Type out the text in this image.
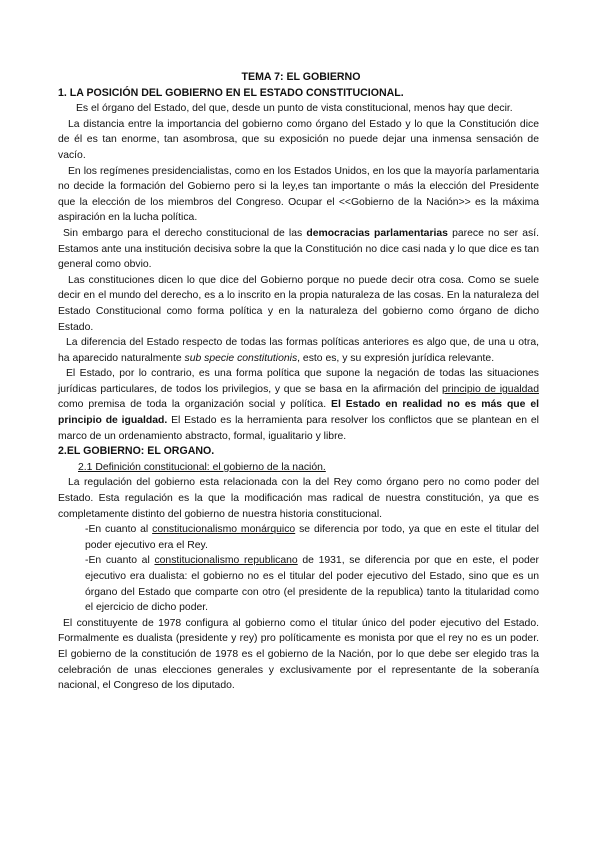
TEMA 7: EL GOBIERNO

1. LA POSICIÓN DEL GOBIERNO EN EL ESTADO CONSTITUCIONAL.

Es el órgano del Estado, del que, desde un punto de vista constitucional, menos hay que decir.

La distancia entre la importancia del gobierno como órgano del Estado y lo que la Constitución dice de él es tan enorme, tan asombrosa, que su exposición no puede dejar una inmensa sensación de vacío.

En los regímenes presidencialistas, como en los Estados Unidos, en los que la mayoría parlamentaria no decide la formación del Gobierno pero si la ley,es tan importante o más la elección del Presidente que la elección de los miembros del Congreso. Ocupar el <<Gobierno de la Nación>> es la máxima aspiración en la lucha política.

Sin embargo para el derecho constitucional de las democracias parlamentarias parece no ser así. Estamos ante una institución decisiva sobre la que la Constitución no dice casi nada y lo que dice es tan general como obvio.

Las constituciones dicen lo que dice del Gobierno porque no puede decir otra cosa. Como se suele decir en el mundo del derecho, es a lo inscrito en la propia naturaleza de las cosas. En la naturaleza del Estado Constitucional como forma política y en la naturaleza del gobierno como órgano de dicho Estado.

La diferencia del Estado respecto de todas las formas políticas anteriores es algo que, de una u otra, ha aparecido naturalmente sub specie constitutionis, esto es, y su expresión jurídica relevante.

El Estado, por lo contrario, es una forma política que supone la negación de todas las situaciones jurídicas particulares, de todos los privilegios, y que se basa en la afirmación del principio de igualdad como premisa de toda la organización social y política. El Estado en realidad no es más que el principio de igualdad. El Estado es la herramienta para resolver los conflictos que se plantean en el marco de un ordenamiento abstracto, formal, igualitario y libre.

2.EL GOBIERNO: EL ORGANO.

2.1 Definición constitucional: el gobierno de la nación.

La regulación del gobierno esta relacionada con la del Rey como órgano pero no como poder del Estado. Esta regulación es la que la modificación mas radical de nuestra constitución, ya que es completamente distinto del gobierno de nuestra historia constitucional.

-En cuanto al constitucionalismo monárquico se diferencia por todo, ya que en este el titular del poder ejecutivo era el Rey.

-En cuanto al constitucionalismo republicano de 1931, se diferencia por que en este, el poder ejecutivo era dualista: el gobierno no es el titular del poder ejecutivo del Estado, sino que es un órgano del Estado que comparte con otro (el presidente de la republica) tanto la titularidad como el ejercicio de dicho poder.

El constituyente de 1978 configura al gobierno como el titular único del poder ejecutivo del Estado. Formalmente es dualista (presidente y rey) pro políticamente es monista por que el rey no es un poder. El gobierno de la constitución de 1978 es el gobierno de la Nación, por lo que debe ser elegido tras la celebración de unas elecciones generales y exclusivamente por el representante de la soberanía nacional, el Congreso de los diputado.
